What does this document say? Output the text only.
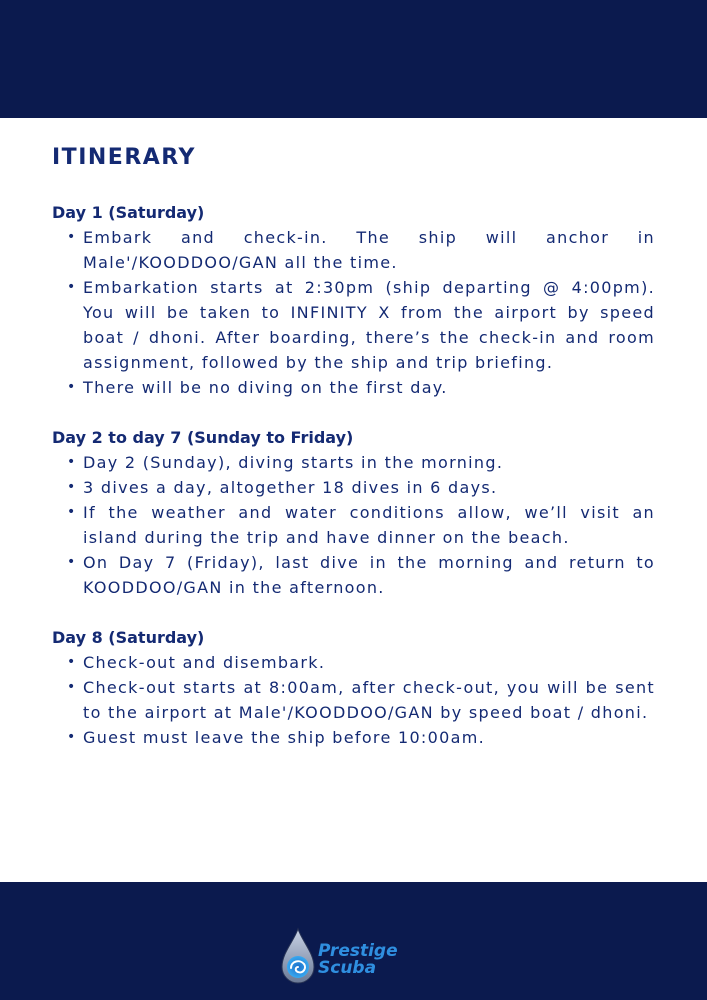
ITINERARY
Day 1 (Saturday)
• Embark and check-in. The ship will anchor in Male'/KOODDOO/GAN all the time.
• Embarkation starts at 2:30pm (ship departing @ 4:00pm). You will be taken to INFINITY X from the airport by speed boat / dhoni. After boarding, there’s the check-in and room assignment, followed by the ship and trip briefing.
• There will be no diving on the first day.
Day 2 to day 7 (Sunday to Friday)
• Day 2 (Sunday), diving starts in the morning.
• 3 dives a day, altogether 18 dives in 6 days.
• If the weather and water conditions allow, we’ll visit an island during the trip and have dinner on the beach.
• On Day 7 (Friday), last dive in the morning and return to KOODDOO/GAN in the afternoon.
Day 8 (Saturday)
• Check-out and disembark.
• Check-out starts at 8:00am, after check-out, you will be sent to the airport at Male'/KOODDOO/GAN by speed boat / dhoni.
• Guest must leave the ship before 10:00am.
Prestige
Scuba
